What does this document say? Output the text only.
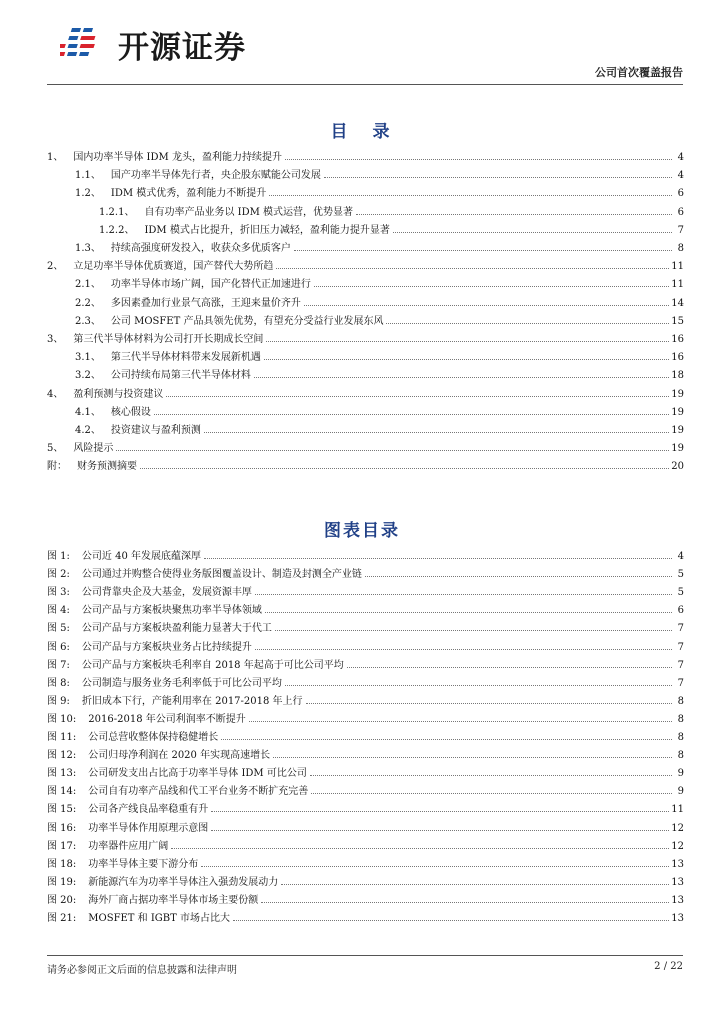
开源证券
公司首次覆盖报告
目　录
1、 国内功率半导体 IDM 龙头，盈利能力持续提升	4
1.1、 国产功率半导体先行者，央企股东赋能公司发展	4
1.2、 IDM 模式优秀，盈利能力不断提升	6
1.2.1、 自有功率产品业务以 IDM 模式运营，优势显著	6
1.2.2、 IDM 模式占比提升，折旧压力减轻，盈利能力提升显著	7
1.3、 持续高强度研发投入，收获众多优质客户	8
2、 立足功率半导体优质赛道，国产替代大势所趋	11
2.1、 功率半导体市场广阔，国产化替代正加速进行	11
2.2、 多因素叠加行业景气高涨，王迎来量价齐升	14
2.3、 公司 MOSFET 产品具领先优势，有望充分受益行业发展东风	15
3、 第三代半导体材料为公司打开长期成长空间	16
3.1、 第三代半导体材料带来发展新机遇	16
3.2、 公司持续布局第三代半导体材料	18
4、 盈利预测与投资建议	19
4.1、 核心假设	19
4.2、 投资建议与盈利预测	19
5、 风险提示	19
附： 财务预测摘要	20
图表目录
图 1: 公司近 40 年发展底蕴深厚	4
图 2: 公司通过并购整合使得业务版图覆盖设计、制造及封测全产业链	5
图 3: 公司背靠央企及大基金，发展资源丰厚	5
图 4: 公司产品与方案板块聚焦功率半导体领域	6
图 5: 公司产品与方案板块盈利能力显著大于代工	7
图 6: 公司产品与方案板块业务占比持续提升	7
图 7: 公司产品与方案板块毛利率自 2018 年起高于可比公司平均	7
图 8: 公司制造与服务业务毛利率低于可比公司平均	7
图 9: 折旧成本下行，产能利用率在 2017-2018 年上行	8
图 10: 2016-2018 年公司利润率不断提升	8
图 11: 公司总营收整体保持稳健增长	8
图 12: 公司归母净利润在 2020 年实现高速增长	8
图 13: 公司研发支出占比高于功率半导体 IDM 可比公司	9
图 14: 公司自有功率产品线和代工平台业务不断扩充完善	9
图 15: 公司各产线良品率稳重有升	11
图 16: 功率半导体作用原理示意图	12
图 17: 功率器件应用广阔	12
图 18: 功率半导体主要下游分布	13
图 19: 新能源汽车为功率半导体注入强劲发展动力	13
图 20: 海外厂商占据功率半导体市场主要份额	13
图 21: MOSFET 和 IGBT 市场占比大	13
请务必参阅正文后面的信息披露和法律声明	2 / 22
